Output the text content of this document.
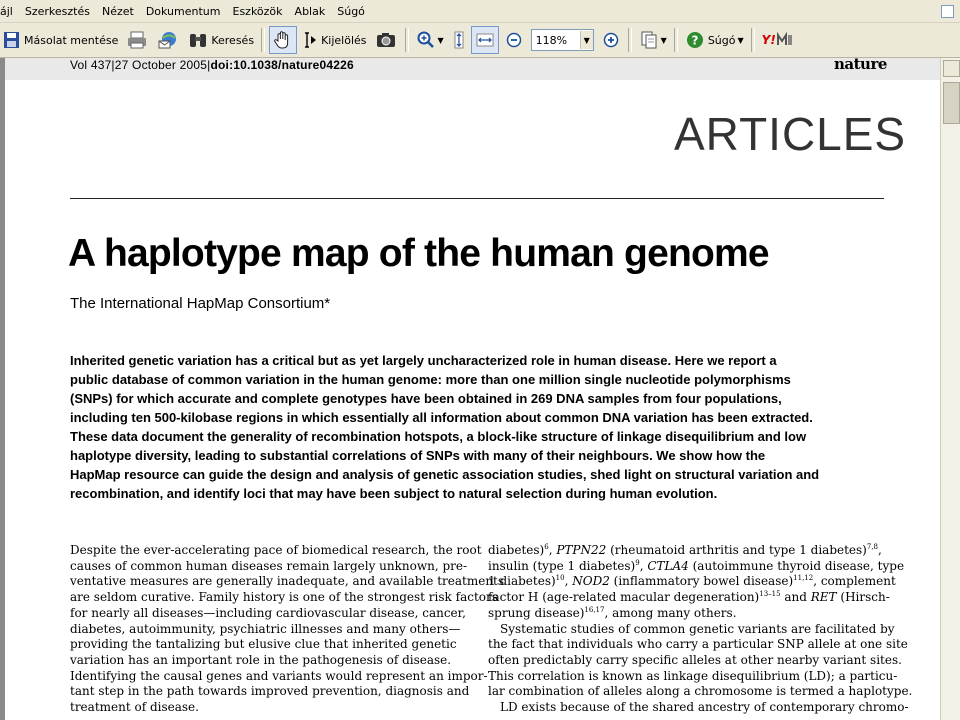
ájl	Szerkesztés	Nézet	Dokumentum	Eszközök	Ablak	Súgó
Másolat mentése	Keresés	Kijelölés	▼	118%	▼	▼ ? Súgó ▼ Y!
Vol 437|27 October 2005|doi:10.1038/nature04226	nature
ARTICLES
A haplotype map of the human genome
The International HapMap Consortium*
Inherited genetic variation has a critical but as yet largely uncharacterized role in human disease. Here we report a
public database of common variation in the human genome: more than one million single nucleotide polymorphisms
(SNPs) for which accurate and complete genotypes have been obtained in 269 DNA samples from four populations,
including ten 500-kilobase regions in which essentially all information about common DNA variation has been extracted.
These data document the generality of recombination hotspots, a block-like structure of linkage disequilibrium and low
haplotype diversity, leading to substantial correlations of SNPs with many of their neighbours. We show how the
HapMap resource can guide the design and analysis of genetic association studies, shed light on structural variation and
recombination, and identify loci that may have been subject to natural selection during human evolution.
Despite the ever-accelerating pace of biomedical research, the root
causes of common human diseases remain largely unknown, pre-
ventative measures are generally inadequate, and available treatments
are seldom curative. Family history is one of the strongest risk factors
for nearly all diseases—including cardiovascular disease, cancer,
diabetes, autoimmunity, psychiatric illnesses and many others—
providing the tantalizing but elusive clue that inherited genetic
variation has an important role in the pathogenesis of disease.
Identifying the causal genes and variants would represent an impor-
tant step in the path towards improved prevention, diagnosis and
treatment of disease.
diabetes)$^6$, PTPN22 (rheumatoid arthritis and type 1 diabetes)$^{7,8}$,
insulin (type 1 diabetes)$^9$, CTLA4 (autoimmune thyroid disease, type
1 diabetes)$^{10}$, NOD2 (inflammatory bowel disease)$^{11,12}$, complement
factor H (age-related macular degeneration)$^{13-15}$ and RET (Hirsch-
sprung disease)$^{16,17}$, among many others.
Systematic studies of common genetic variants are facilitated by
the fact that individuals who carry a particular SNP allele at one site
often predictably carry specific alleles at other nearby variant sites.
This correlation is known as linkage disequilibrium (LD); a particu-
lar combination of alleles along a chromosome is termed a haplotype.
LD exists because of the shared ancestry of contemporary chromo-
